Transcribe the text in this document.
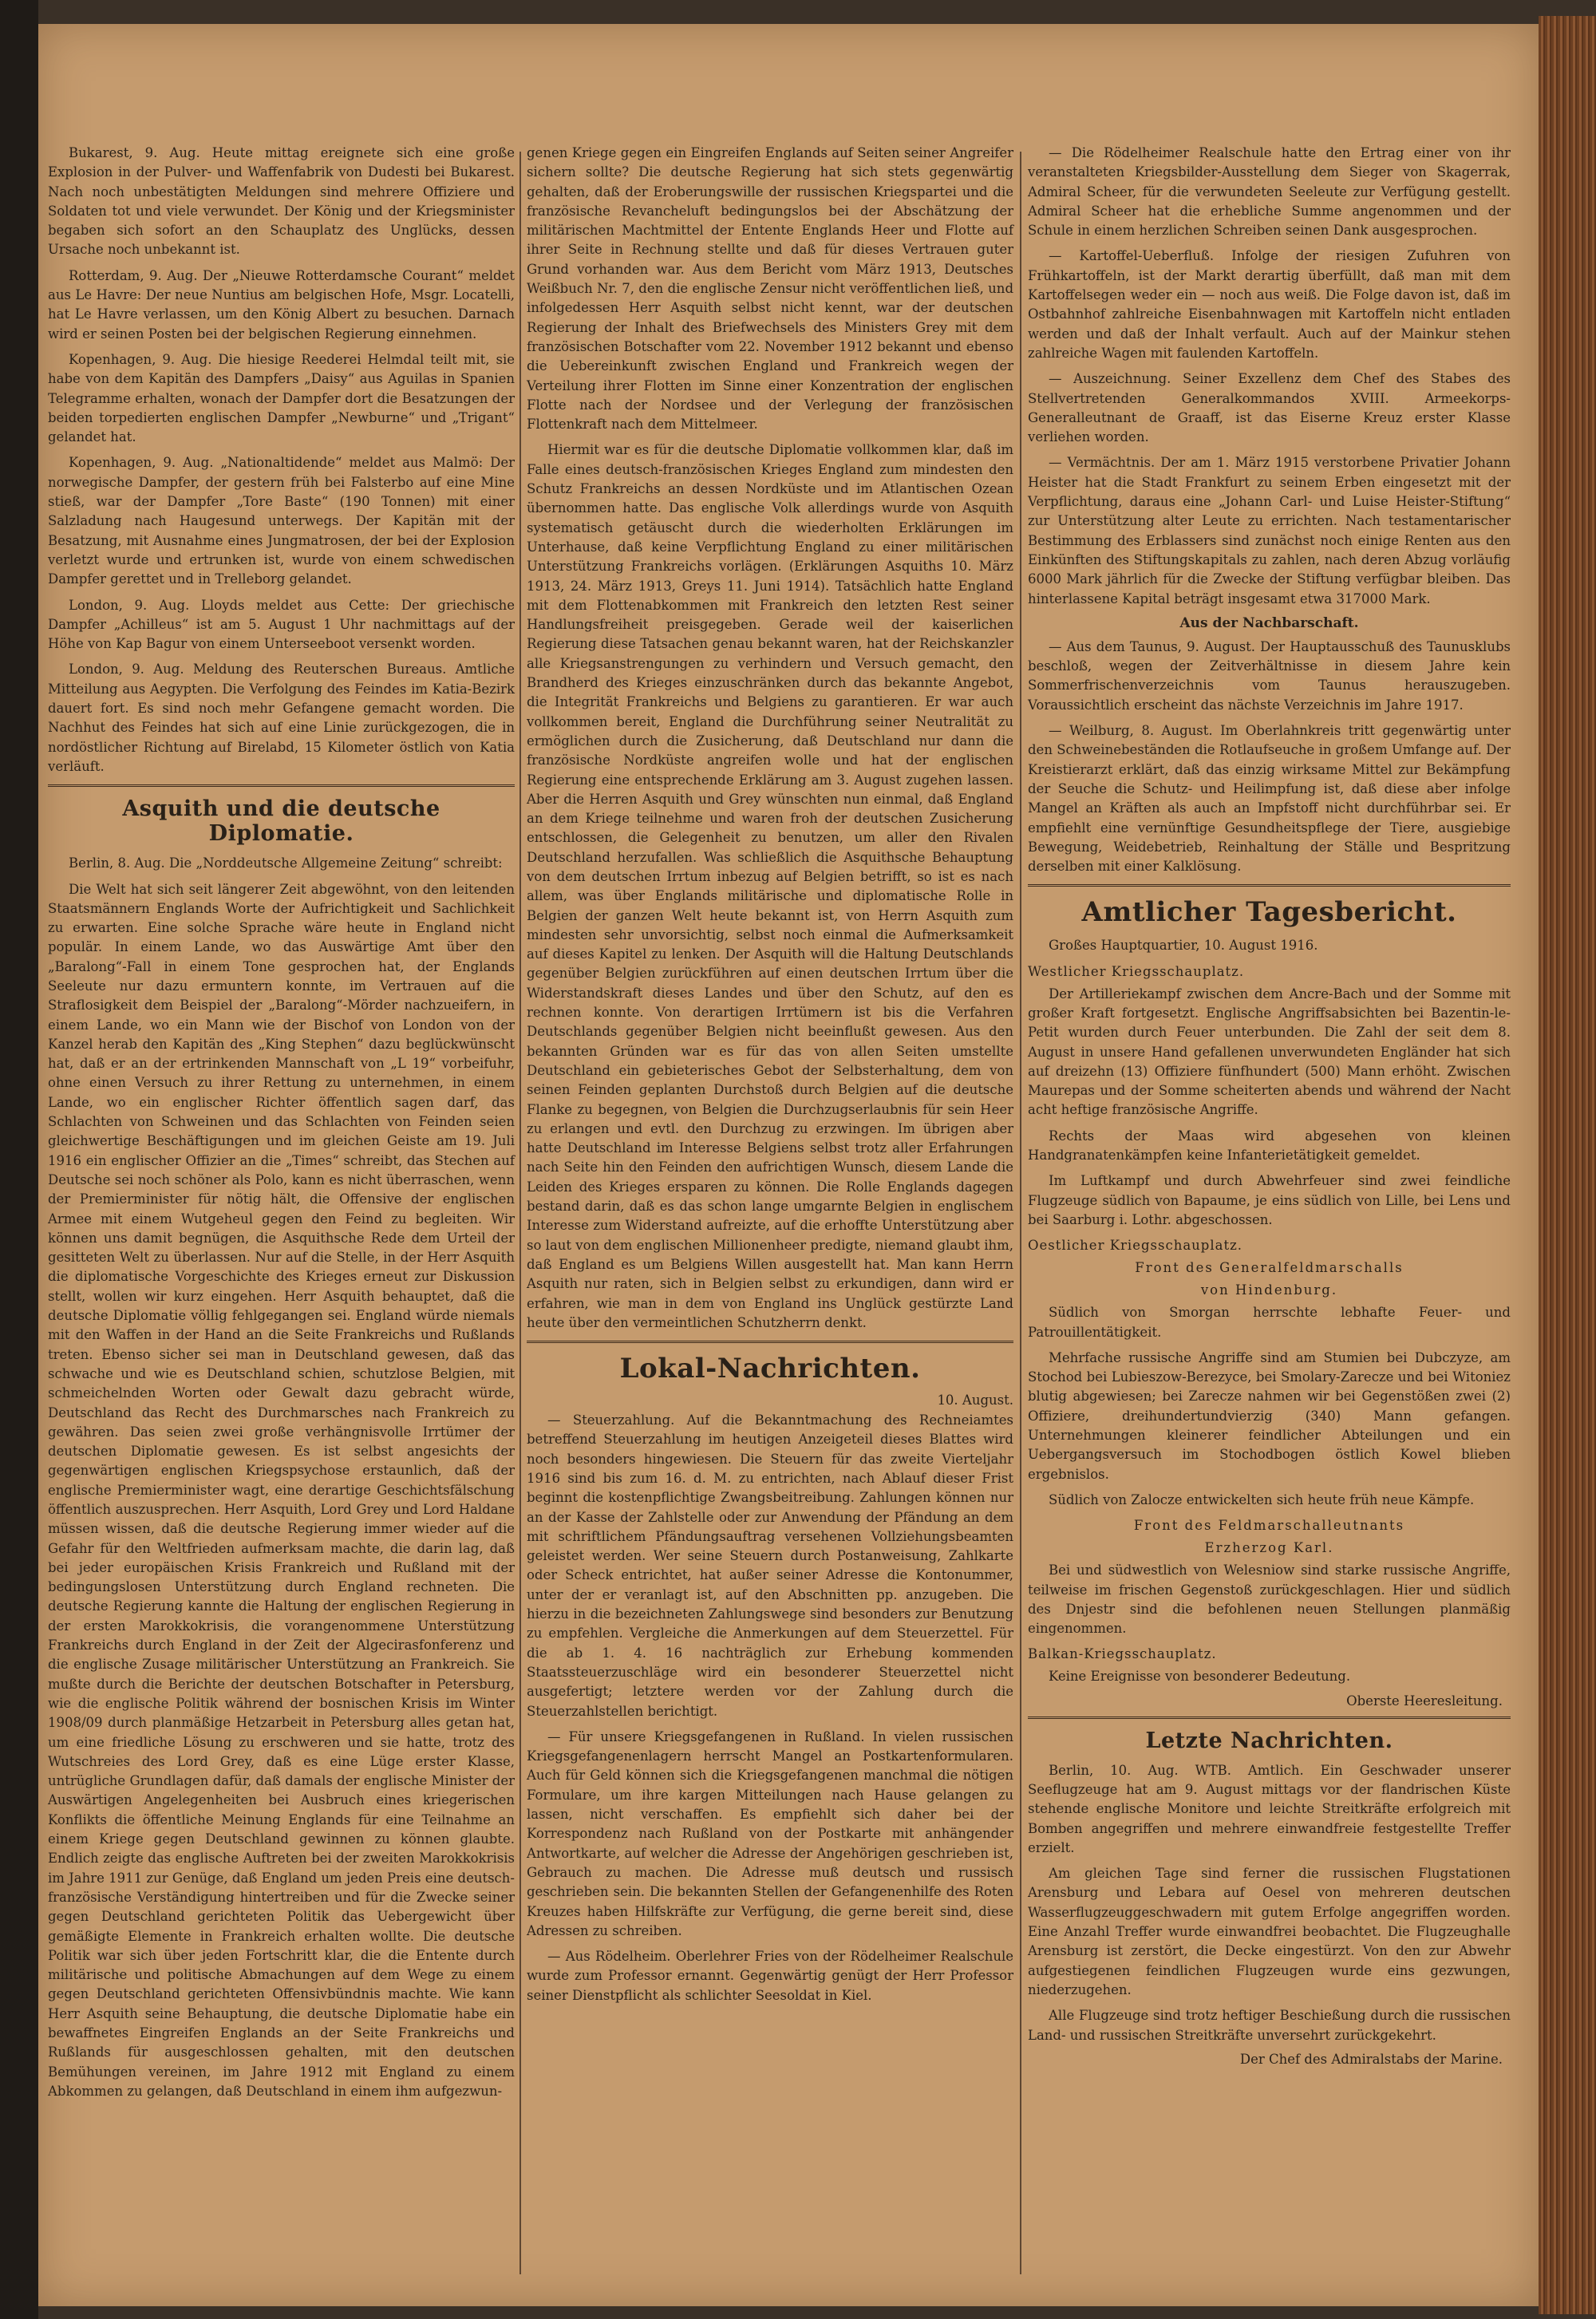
Bukarest, 9. Aug. Heute mittag ereignete sich eine große Explosion in der Pulver- und Waffenfabrik von Dudesti bei Bukarest. Nach noch unbestätigten Meldungen sind mehrere Offiziere und Soldaten tot und viele verwundet. Der König und der Kriegsminister begaben sich sofort an den Schauplatz des Unglücks, dessen Ursache noch unbekannt ist.

Rotterdam, 9. Aug. Der „Nieuwe Rotterdamsche Courant“ meldet aus Le Havre: Der neue Nuntius am belgischen Hofe, Msgr. Locatelli, hat Le Havre verlassen, um den König Albert zu besuchen. Darnach wird er seinen Posten bei der belgischen Regierung einnehmen.

Kopenhagen, 9. Aug. Die hiesige Reederei Helmdal teilt mit, sie habe von dem Kapitän des Dampfers „Daisy“ aus Aguilas in Spanien Telegramme erhalten, wonach der Dampfer dort die Besatzungen der beiden torpedierten englischen Dampfer „Newburne“ und „Trigant“ gelandet hat.

Kopenhagen, 9. Aug. „Nationaltidende“ meldet aus Malmö: Der norwegische Dampfer, der gestern früh bei Falsterbo auf eine Mine stieß, war der Dampfer „Tore Baste“ (190 Tonnen) mit einer Salzladung nach Haugesund unterwegs. Der Kapitän mit der Besatzung, mit Ausnahme eines Jungmatrosen, der bei der Explosion verletzt wurde und ertrunken ist, wurde von einem schwedischen Dampfer gerettet und in Trelleborg gelandet.

London, 9. Aug. Lloyds meldet aus Cette: Der griechische Dampfer „Achilleus“ ist am 5. August 1 Uhr nachmittags auf der Höhe von Kap Bagur von einem Unterseeboot versenkt worden.

London, 9. Aug. Meldung des Reuterschen Bureaus. Amtliche Mitteilung aus Aegypten. Die Verfolgung des Feindes im Katia-Bezirk dauert fort. Es sind noch mehr Gefangene gemacht worden. Die Nachhut des Feindes hat sich auf eine Linie zurückgezogen, die in nordöstlicher Richtung auf Birelabd, 15 Kilometer östlich von Katia verläuft.

Asquith und die deutsche Diplomatie.

Berlin, 8. Aug. Die „Norddeutsche Allgemeine Zeitung“ schreibt:

Die Welt hat sich seit längerer Zeit abgewöhnt, von den leitenden Staatsmännern Englands Worte der Aufrichtigkeit und Sachlichkeit zu erwarten. Eine solche Sprache wäre heute in England nicht populär. In einem Lande, wo das Auswärtige Amt über den „Baralong“-Fall in einem Tone gesprochen hat, der Englands Seeleute nur dazu ermuntern konnte, im Vertrauen auf die Straflosigkeit dem Beispiel der „Baralong“-Mörder nachzueifern, in einem Lande, wo ein Mann wie der Bischof von London von der Kanzel herab den Kapitän des „King Stephen“ dazu beglückwünscht hat, daß er an der ertrinkenden Mannschaft von „L 19“ vorbeifuhr, ohne einen Versuch zu ihrer Rettung zu unternehmen, in einem Lande, wo ein englischer Richter öffentlich sagen darf, das Schlachten von Schweinen und das Schlachten von Feinden seien gleichwertige Beschäftigungen und im gleichen Geiste am 19. Juli 1916 ein englischer Offizier an die „Times“ schreibt, das Stechen auf Deutsche sei noch schöner als Polo, kann es nicht überraschen, wenn der Premierminister für nötig hält, die Offensive der englischen Armee mit einem Wutgeheul gegen den Feind zu begleiten. Wir können uns damit begnügen, die Asquithsche Rede dem Urteil der gesitteten Welt zu überlassen. Nur auf die Stelle, in der Herr Asquith die diplomatische Vorgeschichte des Krieges erneut zur Diskussion stellt, wollen wir kurz eingehen. Herr Asquith behauptet, daß die deutsche Diplomatie völlig fehlgegangen sei. England würde niemals mit den Waffen in der Hand an die Seite Frankreichs und Rußlands treten. Ebenso sicher sei man in Deutschland gewesen, daß das schwache und wie es Deutschland schien, schutzlose Belgien, mit schmeichelnden Worten oder Gewalt dazu gebracht würde, Deutschland das Recht des Durchmarsches nach Frankreich zu gewähren. Das seien zwei große verhängnisvolle Irrtümer der deutschen Diplomatie gewesen. Es ist selbst angesichts der gegenwärtigen englischen Kriegspsychose erstaunlich, daß der englische Premierminister wagt, eine derartige Geschichtsfälschung öffentlich auszusprechen. Herr Asquith, Lord Grey und Lord Haldane müssen wissen, daß die deutsche Regierung immer wieder auf die Gefahr für den Weltfrieden aufmerksam machte, die darin lag, daß bei jeder europäischen Krisis Frankreich und Rußland mit der bedingungslosen Unterstützung durch England rechneten. Die deutsche Regierung kannte die Haltung der englischen Regierung in der ersten Marokkokrisis, die vorangenommene Unterstützung Frankreichs durch England in der Zeit der Algecirasfonferenz und die englische Zusage militärischer Unterstützung an Frankreich. Sie mußte durch die Berichte der deutschen Botschafter in Petersburg, wie die englische Politik während der bosnischen Krisis im Winter 1908/09 durch planmäßige Hetzarbeit in Petersburg alles getan hat, um eine friedliche Lösung zu erschweren und sie hatte, trotz des Wutschreies des Lord Grey, daß es eine Lüge erster Klasse, untrügliche Grundlagen dafür, daß damals der englische Minister der Auswärtigen Angelegenheiten bei Ausbruch eines kriegerischen Konflikts die öffentliche Meinung Englands für eine Teilnahme an einem Kriege gegen Deutschland gewinnen zu können glaubte. Endlich zeigte das englische Auftreten bei der zweiten Marokkokrisis im Jahre 1911 zur Genüge, daß England um jeden Preis eine deutsch-französische Verständigung hintertreiben und für die Zwecke seiner gegen Deutschland gerichteten Politik das Uebergewicht über gemäßigte Elemente in Frankreich erhalten wollte. Die deutsche Politik war sich über jeden Fortschritt klar, die die Entente durch militärische und politische Abmachungen auf dem Wege zu einem gegen Deutschland gerichteten Offensivbündnis machte. Wie kann Herr Asquith seine Behauptung, die deutsche Diplomatie habe ein bewaffnetes Eingreifen Englands an der Seite Frankreichs und Rußlands für ausgeschlossen gehalten, mit den deutschen Bemühungen vereinen, im Jahre 1912 mit England zu einem Abkommen zu gelangen, daß Deutschland in einem ihm aufgezwun-

genen Kriege gegen ein Eingreifen Englands auf Seiten seiner Angreifer sichern sollte? Die deutsche Regierung hat sich stets gegenwärtig gehalten, daß der Eroberungswille der russischen Kriegspartei und die französische Revancheluft bedingungslos bei der Abschätzung der militärischen Machtmittel der Entente Englands Heer und Flotte auf ihrer Seite in Rechnung stellte und daß für dieses Vertrauen guter Grund vorhanden war. Aus dem Bericht vom März 1913, Deutsches Weißbuch Nr. 7, den die englische Zensur nicht veröffentlichen ließ, und infolgedessen Herr Asquith selbst nicht kennt, war der deutschen Regierung der Inhalt des Briefwechsels des Ministers Grey mit dem französischen Botschafter vom 22. November 1912 bekannt und ebenso die Uebereinkunft zwischen England und Frankreich wegen der Verteilung ihrer Flotten im Sinne einer Konzentration der englischen Flotte nach der Nordsee und der Verlegung der französischen Flottenkraft nach dem Mittelmeer.

Hiermit war es für die deutsche Diplomatie vollkommen klar, daß im Falle eines deutsch-französischen Krieges England zum mindesten den Schutz Frankreichs an dessen Nordküste und im Atlantischen Ozean übernommen hatte. Das englische Volk allerdings wurde von Asquith systematisch getäuscht durch die wiederholten Erklärungen im Unterhause, daß keine Verpflichtung England zu einer militärischen Unterstützung Frankreichs vorlägen. (Erklärungen Asquiths 10. März 1913, 24. März 1913, Greys 11. Juni 1914). Tatsächlich hatte England mit dem Flottenabkommen mit Frankreich den letzten Rest seiner Handlungsfreiheit preisgegeben. Gerade weil der kaiserlichen Regierung diese Tatsachen genau bekannt waren, hat der Reichskanzler alle Kriegsanstrengungen zu verhindern und Versuch gemacht, den Brandherd des Krieges einzuschränken durch das bekannte Angebot, die Integrität Frankreichs und Belgiens zu garantieren. Er war auch vollkommen bereit, England die Durchführung seiner Neutralität zu ermöglichen durch die Zusicherung, daß Deutschland nur dann die französische Nordküste angreifen wolle und hat der englischen Regierung eine entsprechende Erklärung am 3. August zugehen lassen. Aber die Herren Asquith und Grey wünschten nun einmal, daß England an dem Kriege teilnehme und waren froh der deutschen Zusicherung entschlossen, die Gelegenheit zu benutzen, um aller den Rivalen Deutschland herzufallen. Was schließlich die Asquithsche Behauptung von dem deutschen Irrtum inbezug auf Belgien betrifft, so ist es nach allem, was über Englands militärische und diplomatische Rolle in Belgien der ganzen Welt heute bekannt ist, von Herrn Asquith zum mindesten sehr unvorsichtig, selbst noch einmal die Aufmerksamkeit auf dieses Kapitel zu lenken. Der Asquith will die Haltung Deutschlands gegenüber Belgien zurückführen auf einen deutschen Irrtum über die Widerstandskraft dieses Landes und über den Schutz, auf den es rechnen konnte. Von derartigen Irrtümern ist bis die Verfahren Deutschlands gegenüber Belgien nicht beeinflußt gewesen. Aus den bekannten Gründen war es für das von allen Seiten umstellte Deutschland ein gebieterisches Gebot der Selbsterhaltung, dem von seinen Feinden geplanten Durchstoß durch Belgien auf die deutsche Flanke zu begegnen, von Belgien die Durchzugserlaubnis für sein Heer zu erlangen und evtl. den Durchzug zu erzwingen. Im übrigen aber hatte Deutschland im Interesse Belgiens selbst trotz aller Erfahrungen nach Seite hin den Feinden den aufrichtigen Wunsch, diesem Lande die Leiden des Krieges ersparen zu können. Die Rolle Englands dagegen bestand darin, daß es das schon lange umgarnte Belgien in englischem Interesse zum Widerstand aufreizte, auf die erhoffte Unterstützung aber so laut von dem englischen Millionenheer predigte, niemand glaubt ihm, daß England es um Belgiens Willen ausgestellt hat. Man kann Herrn Asquith nur raten, sich in Belgien selbst zu erkundigen, dann wird er erfahren, wie man in dem von England ins Unglück gestürzte Land heute über den vermeintlichen Schutzherrn denkt.

Lokal-Nachrichten.
10. August.

— Steuerzahlung. Auf die Bekanntmachung des Rechneiamtes betreffend Steuerzahlung im heutigen Anzeigeteil dieses Blattes wird noch besonders hingewiesen. Die Steuern für das zweite Vierteljahr 1916 sind bis zum 16. d. M. zu entrichten, nach Ablauf dieser Frist beginnt die kostenpflichtige Zwangsbeitreibung. Zahlungen können nur an der Kasse der Zahlstelle oder zur Anwendung der Pfändung an dem mit schriftlichem Pfändungsauftrag versehenen Vollziehungsbeamten geleistet werden. Wer seine Steuern durch Postanweisung, Zahlkarte oder Scheck entrichtet, hat außer seiner Adresse die Kontonummer, unter der er veranlagt ist, auf den Abschnitten pp. anzugeben. Die hierzu in die bezeichneten Zahlungswege sind besonders zur Benutzung zu empfehlen. Vergleiche die Anmerkungen auf dem Steuerzettel. Für die ab 1. 4. 16 nachträglich zur Erhebung kommenden Staatssteuerzuschläge wird ein besonderer Steuerzettel nicht ausgefertigt; letztere werden vor der Zahlung durch die Steuerzahlstellen berichtigt.

— Für unsere Kriegsgefangenen in Rußland. In vielen russischen Kriegsgefangenenlagern herrscht Mangel an Postkartenformularen. Auch für Geld können sich die Kriegsgefangenen manchmal die nötigen Formulare, um ihre kargen Mitteilungen nach Hause gelangen zu lassen, nicht verschaffen. Es empfiehlt sich daher bei der Korrespondenz nach Rußland von der Postkarte mit anhängender Antwortkarte, auf welcher die Adresse der Angehörigen geschrieben ist, Gebrauch zu machen. Die Adresse muß deutsch und russisch geschrieben sein. Die bekannten Stellen der Gefangenenhilfe des Roten Kreuzes haben Hilfskräfte zur Verfügung, die gerne bereit sind, diese Adressen zu schreiben.

— Aus Rödelheim. Oberlehrer Fries von der Rödelheimer Realschule wurde zum Professor ernannt. Gegenwärtig genügt der Herr Professor seiner Dienstpflicht als schlichter Seesoldat in Kiel.

— Die Rödelheimer Realschule hatte den Ertrag einer von ihr veranstalteten Kriegsbilder-Ausstellung dem Sieger von Skagerrak, Admiral Scheer, für die verwundeten Seeleute zur Verfügung gestellt. Admiral Scheer hat die erhebliche Summe angenommen und der Schule in einem herzlichen Schreiben seinen Dank ausgesprochen.

— Kartoffel-Ueberfluß. Infolge der riesigen Zufuhren von Frühkartoffeln, ist der Markt derartig überfüllt, daß man mit dem Kartoffelsegen weder ein — noch aus weiß. Die Folge davon ist, daß im Ostbahnhof zahlreiche Eisenbahnwagen mit Kartoffeln nicht entladen werden und daß der Inhalt verfault. Auch auf der Mainkur stehen zahlreiche Wagen mit faulenden Kartoffeln.

— Auszeichnung. Seiner Exzellenz dem Chef des Stabes des Stellvertretenden Generalkommandos XVIII. Armeekorps-Generalleutnant de Graaff, ist das Eiserne Kreuz erster Klasse verliehen worden.

— Vermächtnis. Der am 1. März 1915 verstorbene Privatier Johann Heister hat die Stadt Frankfurt zu seinem Erben eingesetzt mit der Verpflichtung, daraus eine „Johann Carl- und Luise Heister-Stiftung“ zur Unterstützung alter Leute zu errichten. Nach testamentarischer Bestimmung des Erblassers sind zunächst noch einige Renten aus den Einkünften des Stiftungskapitals zu zahlen, nach deren Abzug vorläufig 6000 Mark jährlich für die Zwecke der Stiftung verfügbar bleiben. Das hinterlassene Kapital beträgt insgesamt etwa 317000 Mark.

Aus der Nachbarschaft.

— Aus dem Taunus, 9. August. Der Hauptausschuß des Taunusklubs beschloß, wegen der Zeitverhältnisse in diesem Jahre kein Sommerfrischenverzeichnis vom Taunus herauszugeben. Voraussichtlich erscheint das nächste Verzeichnis im Jahre 1917.

— Weilburg, 8. August. Im Oberlahnkreis tritt gegenwärtig unter den Schweinebeständen die Rotlaufseuche in großem Umfange auf. Der Kreistierarzt erklärt, daß das einzig wirksame Mittel zur Bekämpfung der Seuche die Schutz- und Heilimpfung ist, daß diese aber infolge Mangel an Kräften als auch an Impfstoff nicht durchführbar sei. Er empfiehlt eine vernünftige Gesundheitspflege der Tiere, ausgiebige Bewegung, Weidebetrieb, Reinhaltung der Ställe und Bespritzung derselben mit einer Kalklösung.

Amtlicher Tagesbericht.

Großes Hauptquartier, 10. August 1916.

Westlicher Kriegsschauplatz.

Der Artilleriekampf zwischen dem Ancre-Bach und der Somme mit großer Kraft fortgesetzt. Englische Angriffsabsichten bei Bazentin-le-Petit wurden durch Feuer unterbunden. Die Zahl der seit dem 8. August in unsere Hand gefallenen unverwundeten Engländer hat sich auf dreizehn (13) Offiziere fünfhundert (500) Mann erhöht. Zwischen Maurepas und der Somme scheiterten abends und während der Nacht acht heftige französische Angriffe.

Rechts der Maas wird abgesehen von kleinen Handgranatenkämpfen keine Infanterietätigkeit gemeldet.

Im Luftkampf und durch Abwehrfeuer sind zwei feindliche Flugzeuge südlich von Bapaume, je eins südlich von Lille, bei Lens und bei Saarburg i. Lothr. abgeschossen.

Oestlicher Kriegsschauplatz.
Front des Generalfeldmarschalls
von Hindenburg.

Südlich von Smorgan herrschte lebhafte Feuer- und Patrouillentätigkeit.

Mehrfache russische Angriffe sind am Stumien bei Dubczyze, am Stochod bei Lubieszow-Berezyce, bei Smolary-Zarecze und bei Witoniez blutig abgewiesen; bei Zarecze nahmen wir bei Gegenstößen zwei (2) Offiziere, dreihundertundvierzig (340) Mann gefangen. Unternehmungen kleinerer feindlicher Abteilungen und ein Uebergangsversuch im Stochodbogen östlich Kowel blieben ergebnislos.

Südlich von Zalocze entwickelten sich heute früh neue Kämpfe.

Front des Feldmarschalleutnants
Erzherzog Karl.

Bei und südwestlich von Welesniow sind starke russische Angriffe, teilweise im frischen Gegenstoß zurückgeschlagen. Hier und südlich des Dnjestr sind die befohlenen neuen Stellungen planmäßig eingenommen.

Balkan-Kriegsschauplatz.

Keine Ereignisse von besonderer Bedeutung.

Oberste Heeresleitung.
Letzte Nachrichten.

Berlin, 10. Aug. WTB. Amtlich. Ein Geschwader unserer Seeflugzeuge hat am 9. August mittags vor der flandrischen Küste stehende englische Monitore und leichte Streitkräfte erfolgreich mit Bomben angegriffen und mehrere einwandfreie festgestellte Treffer erzielt.

Am gleichen Tage sind ferner die russischen Flugstationen Arensburg und Lebara auf Oesel von mehreren deutschen Wasserflugzeuggeschwadern mit gutem Erfolge angegriffen worden. Eine Anzahl Treffer wurde einwandfrei beobachtet. Die Flugzeughalle Arensburg ist zerstört, die Decke eingestürzt. Von den zur Abwehr aufgestiegenen feindlichen Flugzeugen wurde eins gezwungen, niederzugehen.

Alle Flugzeuge sind trotz heftiger Beschießung durch die russischen Land- und russischen Streitkräfte unversehrt zurückgekehrt.

Der Chef des Admiralstabs der Marine.
